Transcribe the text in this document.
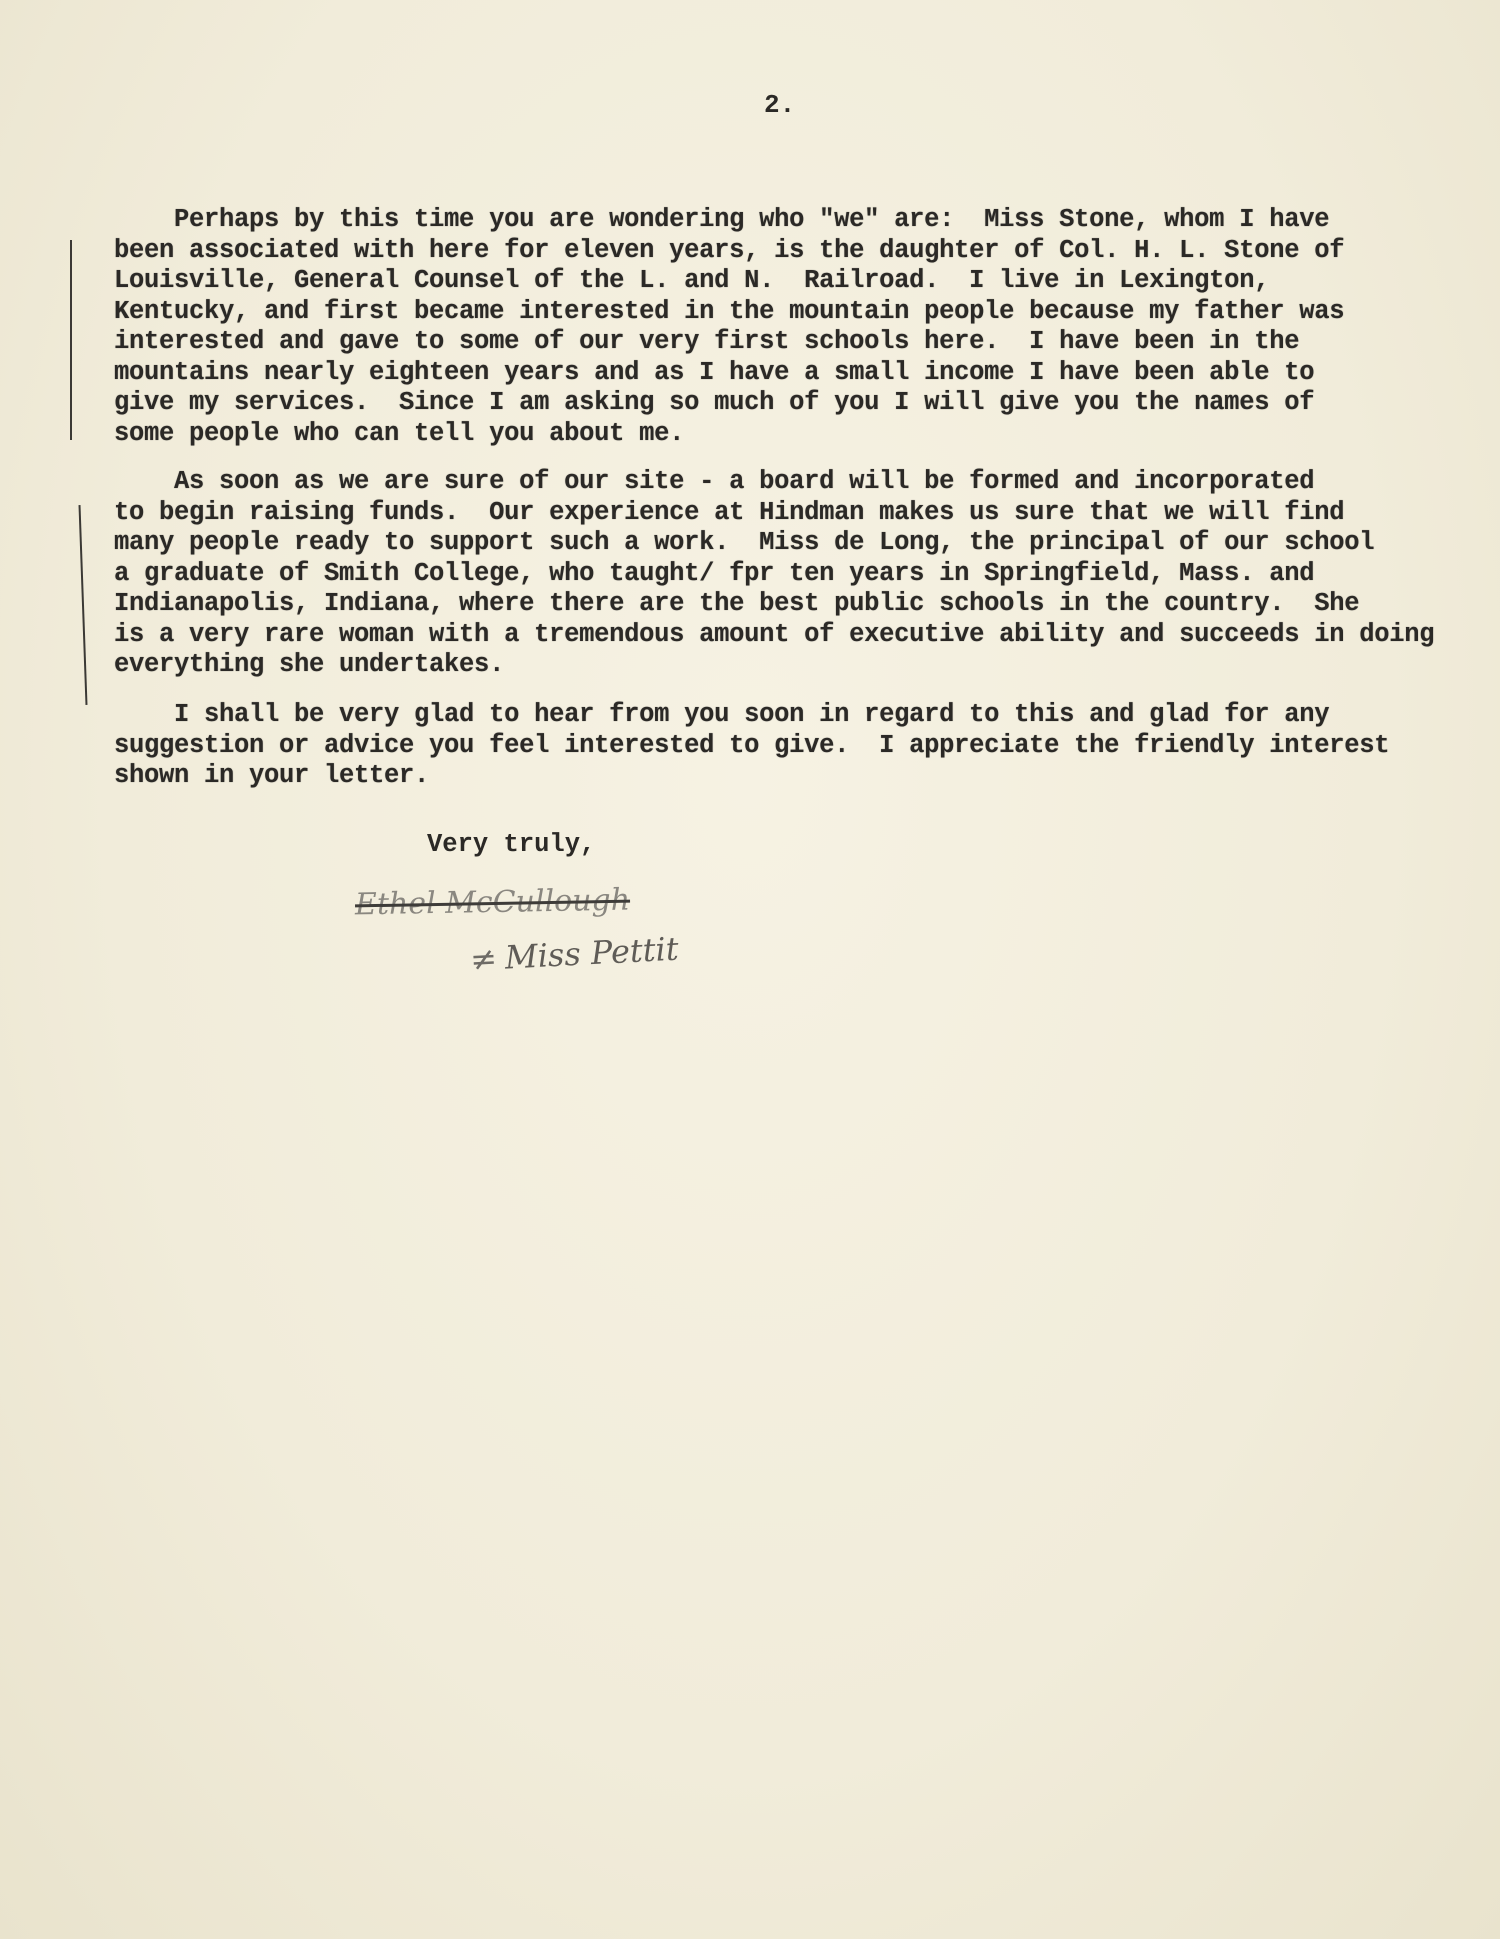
2.
Perhaps by this time you are wondering who "we" are:  Miss Stone, whom I have
been associated with here for eleven years, is the daughter of Col. H. L. Stone of
Louisville, General Counsel of the L. and N.  Railroad.  I live in Lexington,
Kentucky, and first became interested in the mountain people because my father was
interested and gave to some of our very first schools here.  I have been in the
mountains nearly eighteen years and as I have a small income I have been able to
give my services.  Since I am asking so much of you I will give you the names of
some people who can tell you about me.
As soon as we are sure of our site - a board will be formed and incorporated
to begin raising funds.  Our experience at Hindman makes us sure that we will find
many people ready to support such a work.  Miss de Long, the principal of our school
a graduate of Smith College, who taught/ fpr ten years in Springfield, Mass. and
Indianapolis, Indiana, where there are the best public schools in the country.  She
is a very rare woman with a tremendous amount of executive ability and succeeds in doing
everything she undertakes.
I shall be very glad to hear from you soon in regard to this and glad for any
suggestion or advice you feel interested to give.  I appreciate the friendly interest
shown in your letter.
Very truly,
Ethel McCullough
≠ Miss Pettit
